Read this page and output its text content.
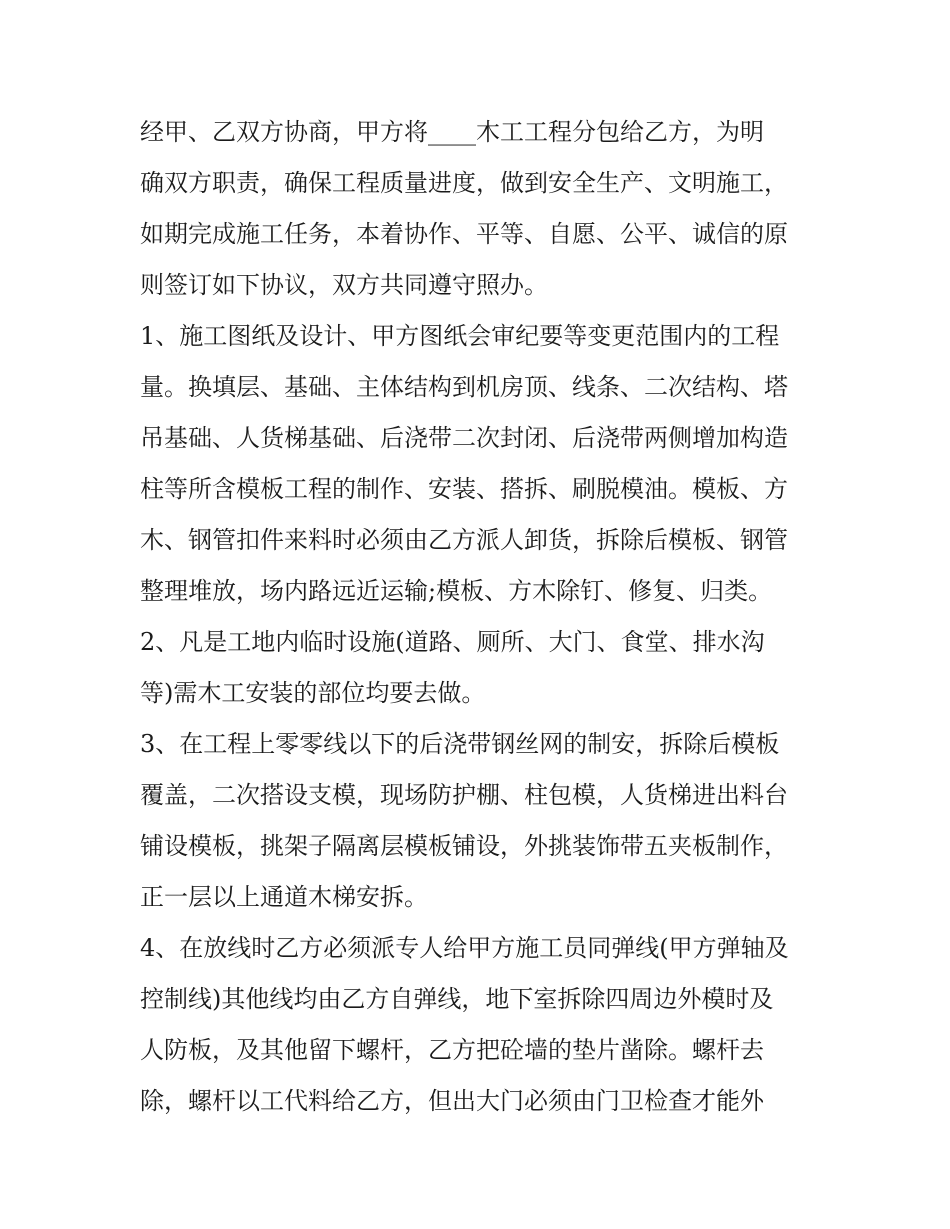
经甲、乙双方协商，甲方将____木工工程分包给乙方，为明
确双方职责，确保工程质量进度，做到安全生产、文明施工，
如期完成施工任务，本着协作、平等、自愿、公平、诚信的原
则签订如下协议，双方共同遵守照办。
1、施工图纸及设计、甲方图纸会审纪要等变更范围内的工程
量。换填层、基础、主体结构到机房顶、线条、二次结构、塔
吊基础、人货梯基础、后浇带二次封闭、后浇带两侧增加构造
柱等所含模板工程的制作、安装、搭拆、刷脱模油。模板、方
木、钢管扣件来料时必须由乙方派人卸货，拆除后模板、钢管
整理堆放，场内路远近运输;模板、方木除钉、修复、归类。
2、凡是工地内临时设施(道路、厕所、大门、食堂、排水沟
等)需木工安装的部位均要去做。
3、在工程上零零线以下的后浇带钢丝网的制安，拆除后模板
覆盖，二次搭设支模，现场防护棚、柱包模，人货梯进出料台
铺设模板，挑架子隔离层模板铺设，外挑装饰带五夹板制作，
正一层以上通道木梯安拆。
4、在放线时乙方必须派专人给甲方施工员同弹线(甲方弹轴及
控制线)其他线均由乙方自弹线，地下室拆除四周边外模时及
人防板，及其他留下螺杆，乙方把砼墙的垫片凿除。螺杆去
除，螺杆以工代料给乙方，但出大门必须由门卫检查才能外
